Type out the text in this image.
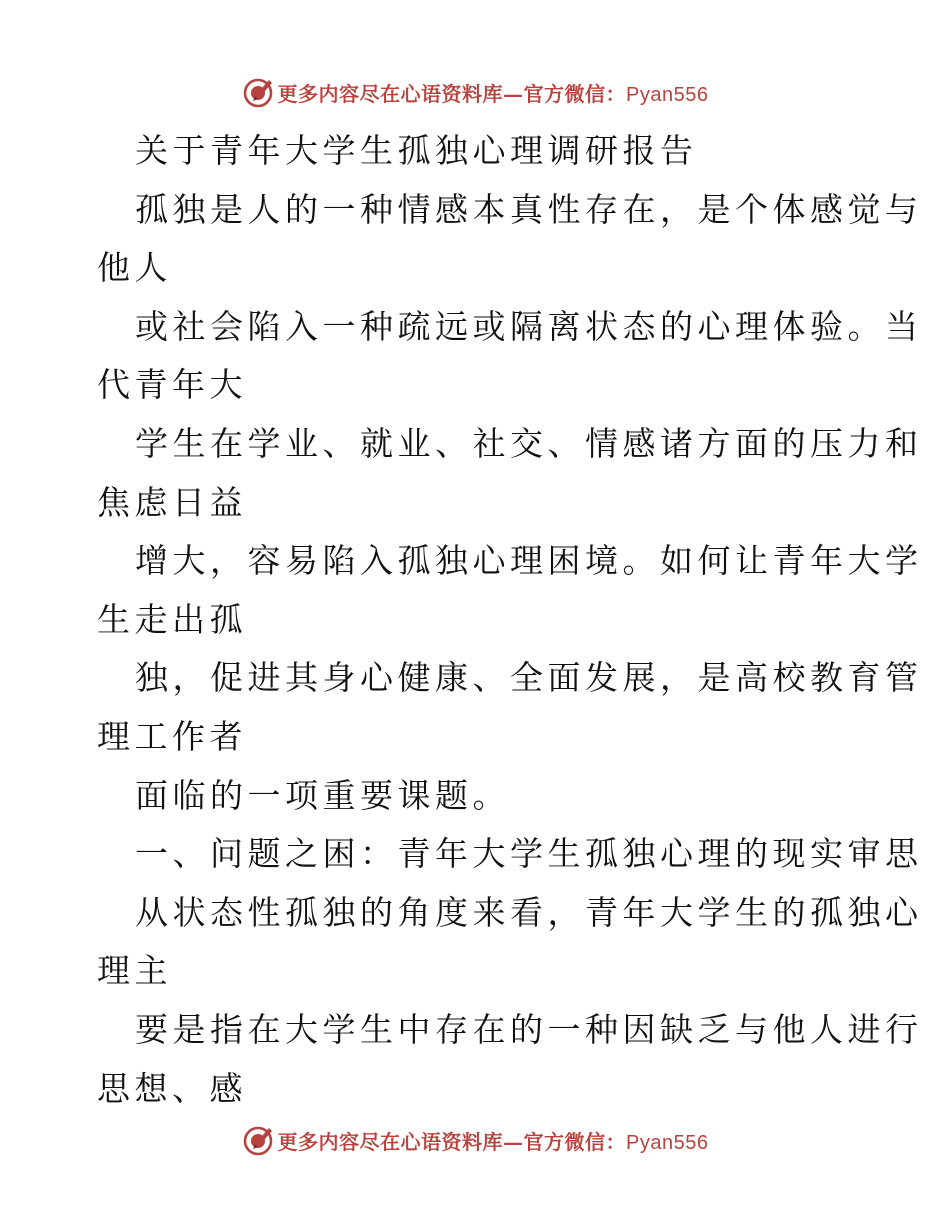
更多内容尽在心语资料库—官方微信：Pyan556
关于青年大学生孤独心理调研报告
孤独是人的一种情感本真性存在，是个体感觉与
他人
或社会陷入一种疏远或隔离状态的心理体验。当
代青年大
学生在学业、就业、社交、情感诸方面的压力和
焦虑日益
增大，容易陷入孤独心理困境。如何让青年大学
生走出孤
独，促进其身心健康、全面发展，是高校教育管
理工作者
面临的一项重要课题。
一、问题之困：青年大学生孤独心理的现实审思
从状态性孤独的角度来看，青年大学生的孤独心
理主
要是指在大学生中存在的一种因缺乏与他人进行
思想、感
更多内容尽在心语资料库—官方微信：Pyan556
